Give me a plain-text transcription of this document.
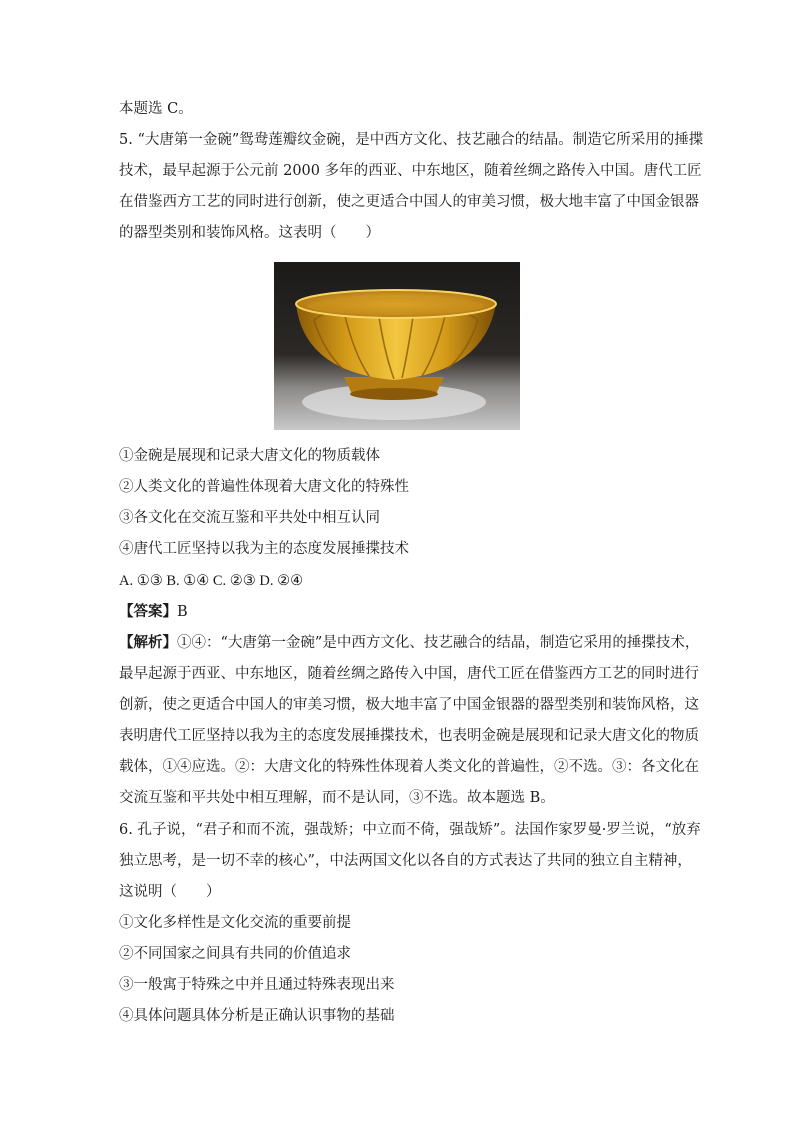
本题选 C。
5. “大唐第一金碗”鸳鸯莲瓣纹金碗，是中西方文化、技艺融合的结晶。制造它所采用的捶揲
技术，最早起源于公元前 2000 多年的西亚、中东地区，随着丝绸之路传入中国。唐代工匠
在借鉴西方工艺的同时进行创新，使之更适合中国人的审美习惯，极大地丰富了中国金银器
的器型类别和装饰风格。这表明（　　）
①金碗是展现和记录大唐文化的物质载体
②人类文化的普遍性体现着大唐文化的特殊性
③各文化在交流互鉴和平共处中相互认同
④唐代工匠坚持以我为主的态度发展捶揲技术
A. ①③ B. ①④ C. ②③ D. ②④
【答案】B
【解析】①④：“大唐第一金碗”是中西方文化、技艺融合的结晶，制造它采用的捶揲技术，
最早起源于西亚、中东地区，随着丝绸之路传入中国，唐代工匠在借鉴西方工艺的同时进行
创新，使之更适合中国人的审美习惯，极大地丰富了中国金银器的器型类别和装饰风格，这
表明唐代工匠坚持以我为主的态度发展捶揲技术，也表明金碗是展现和记录大唐文化的物质
载体，①④应选。②：大唐文化的特殊性体现着人类文化的普遍性，②不选。③：各文化在
交流互鉴和平共处中相互理解，而不是认同，③不选。故本题选 B。
6. 孔子说，“君子和而不流，强哉矫；中立而不倚，强哉矫”。法国作家罗曼·罗兰说，“放弃
独立思考，是一切不幸的核心”，中法两国文化以各自的方式表达了共同的独立自主精神，
这说明（　　）
①文化多样性是文化交流的重要前提
②不同国家之间具有共同的价值追求
③一般寓于特殊之中并且通过特殊表现出来
④具体问题具体分析是正确认识事物的基础
